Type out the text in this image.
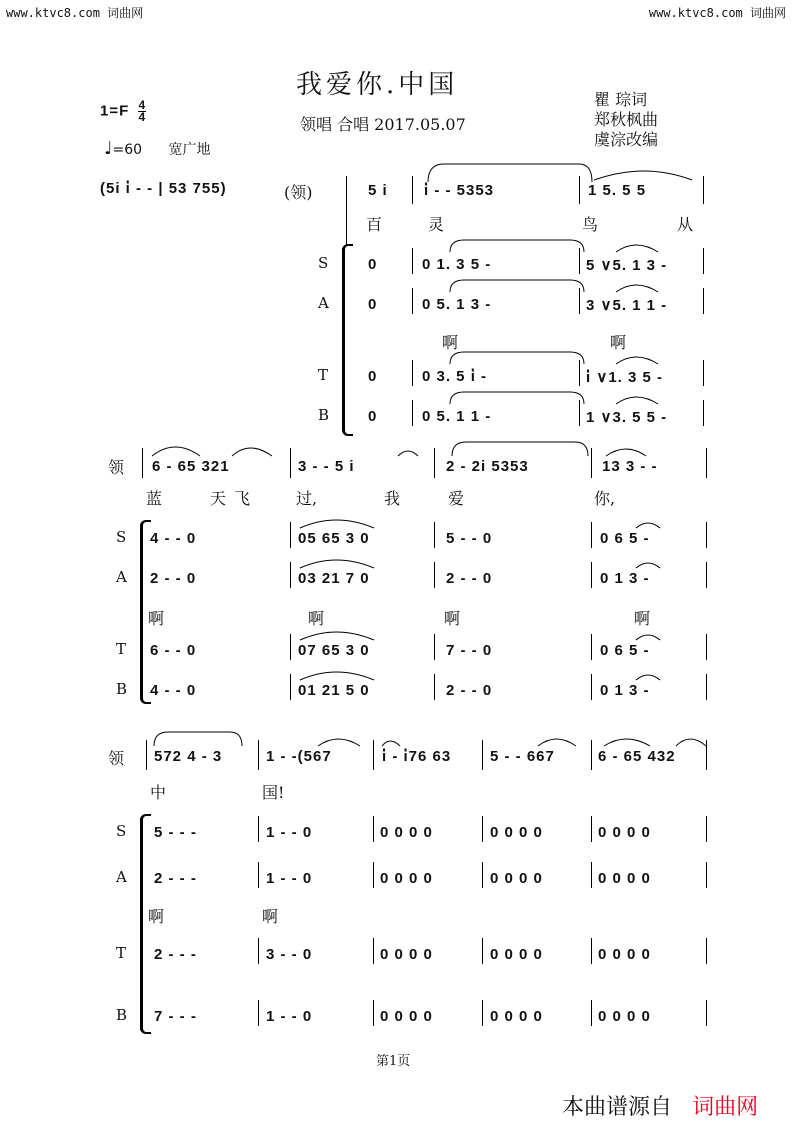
www.ktvc8.com 词曲网	www.ktvc8.com 词曲网
我爱你.中国
领唱 合唱 2017.05.07
$1=F \frac{4}{4}$
♩=60 宽广地
瞿 琮词
郑秋枫曲
虞淙改编
(5i i̇ - - | 53 755)	(领)	5 i i̇ - - 5353	1 5. 5 5
百	灵	鸟	从
S	0	0 1. 3 5 -	5 ∨5. 1 3 -
A	0	0 5. 1 3 -	3 ∨5. 1 1 -
啊	啊
T	0	0 3. 5 i̇ -	i̇ ∨1. 3 5 -
B	0	0 5. 1 1 -	1 ∨3. 5 5 -
领 6 - 65 321	3 - - 5 i	2 - 2i 5353	13 3 - -
蓝	天 飞	过,	我	爱	你,
S 4 - - 0	05 65 3 0	5 - - 0	0 6 5 -
A 2 - - 0	03 21 7 0	2 - - 0	0 1 3 -
啊	啊	啊	啊
T 6 - - 0	07 65 3 0	7 - - 0	0 6 5 -
B 4 - - 0	01 21 5 0	2 - - 0	0 1 3 -
领 572 4 - 3	1 - -(567	i̇ - i̇76 63	5 - - 667	6 - 65 432
中	国!
S 5 - - -	1 - - 0	0 0 0 0	0 0 0 0	0 0 0 0
A 2 - - -	1 - - 0	0 0 0 0	0 0 0 0	0 0 0 0
啊	啊
T 2 - - -	3 - - 0	0 0 0 0	0 0 0 0	0 0 0 0
B 7 - - -	1 - - 0	0 0 0 0	0 0 0 0	0 0 0 0
第1页
本曲谱源自 词曲网
